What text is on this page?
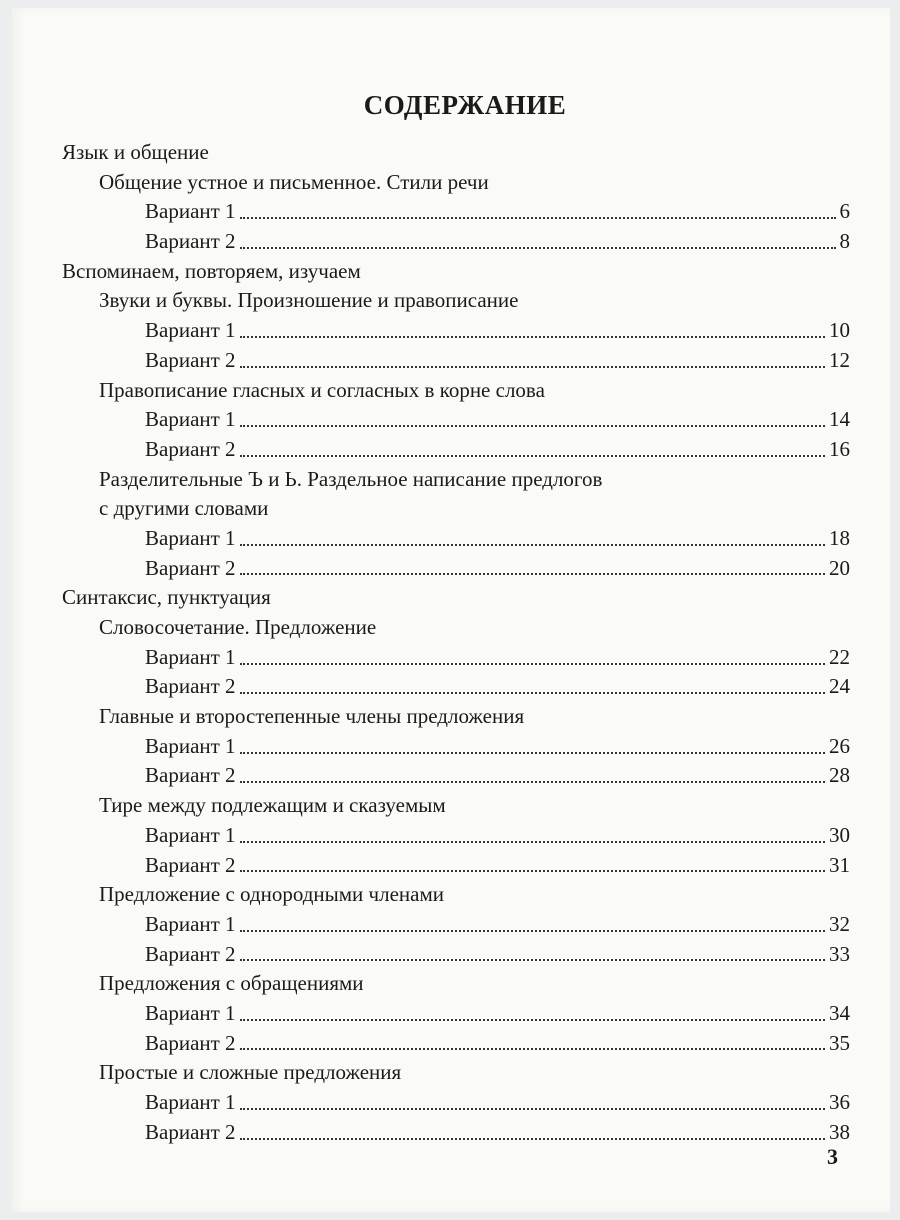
СОДЕРЖАНИЕ
Язык и общение
Общение устное и письменное. Стили речи
Вариант 1	6
Вариант 2	8
Вспоминаем, повторяем, изучаем
Звуки и буквы. Произношение и правописание
Вариант 1	10
Вариант 2	12
Правописание гласных и согласных в корне слова
Вариант 1	14
Вариант 2	16
Разделительные Ъ и Ь. Раздельное написание предлогов
с другими словами
Вариант 1	18
Вариант 2	20
Синтаксис, пунктуация
Словосочетание. Предложение
Вариант 1	22
Вариант 2	24
Главные и второстепенные члены предложения
Вариант 1	26
Вариант 2	28
Тире между подлежащим и сказуемым
Вариант 1	30
Вариант 2	31
Предложение с однородными членами
Вариант 1	32
Вариант 2	33
Предложения с обращениями
Вариант 1	34
Вариант 2	35
Простые и сложные предложения
Вариант 1	36
Вариант 2	38
3
